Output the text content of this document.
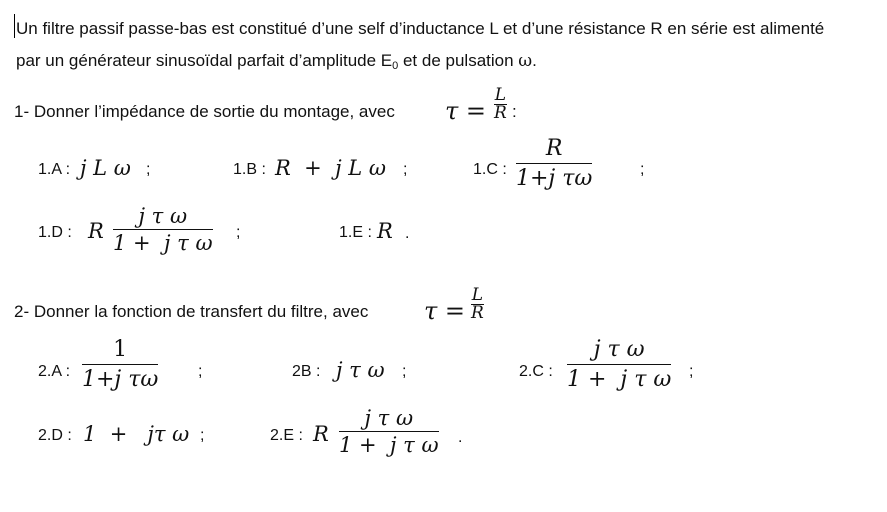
Un filtre passif passe-bas est constitué d’une self d’inductance L et d’une résistance R en série est alimenté
par un générateur sinusoïdal parfait d’amplitude $E_0$ et de pulsation ω.
1- Donner l’impédance de sortie du montage, avec τ =
L
R :
1.A : j L ω ;	1.B : R  +  j L ω ;	1.C :
R
1+j τω	;
1.D : R
j τ ω
1 +  j τ ω ;	1.E : R .
2- Donner la fonction de transfert du filtre, avec τ =
L
R
2.A :
1
1+j τω ;	2B : j τ ω ;	2.C :
j τ ω
1 +  j τ ω ;
2.D : 1  +   jτ ω ;	2.E : R
j τ ω
1 +  j τ ω .
